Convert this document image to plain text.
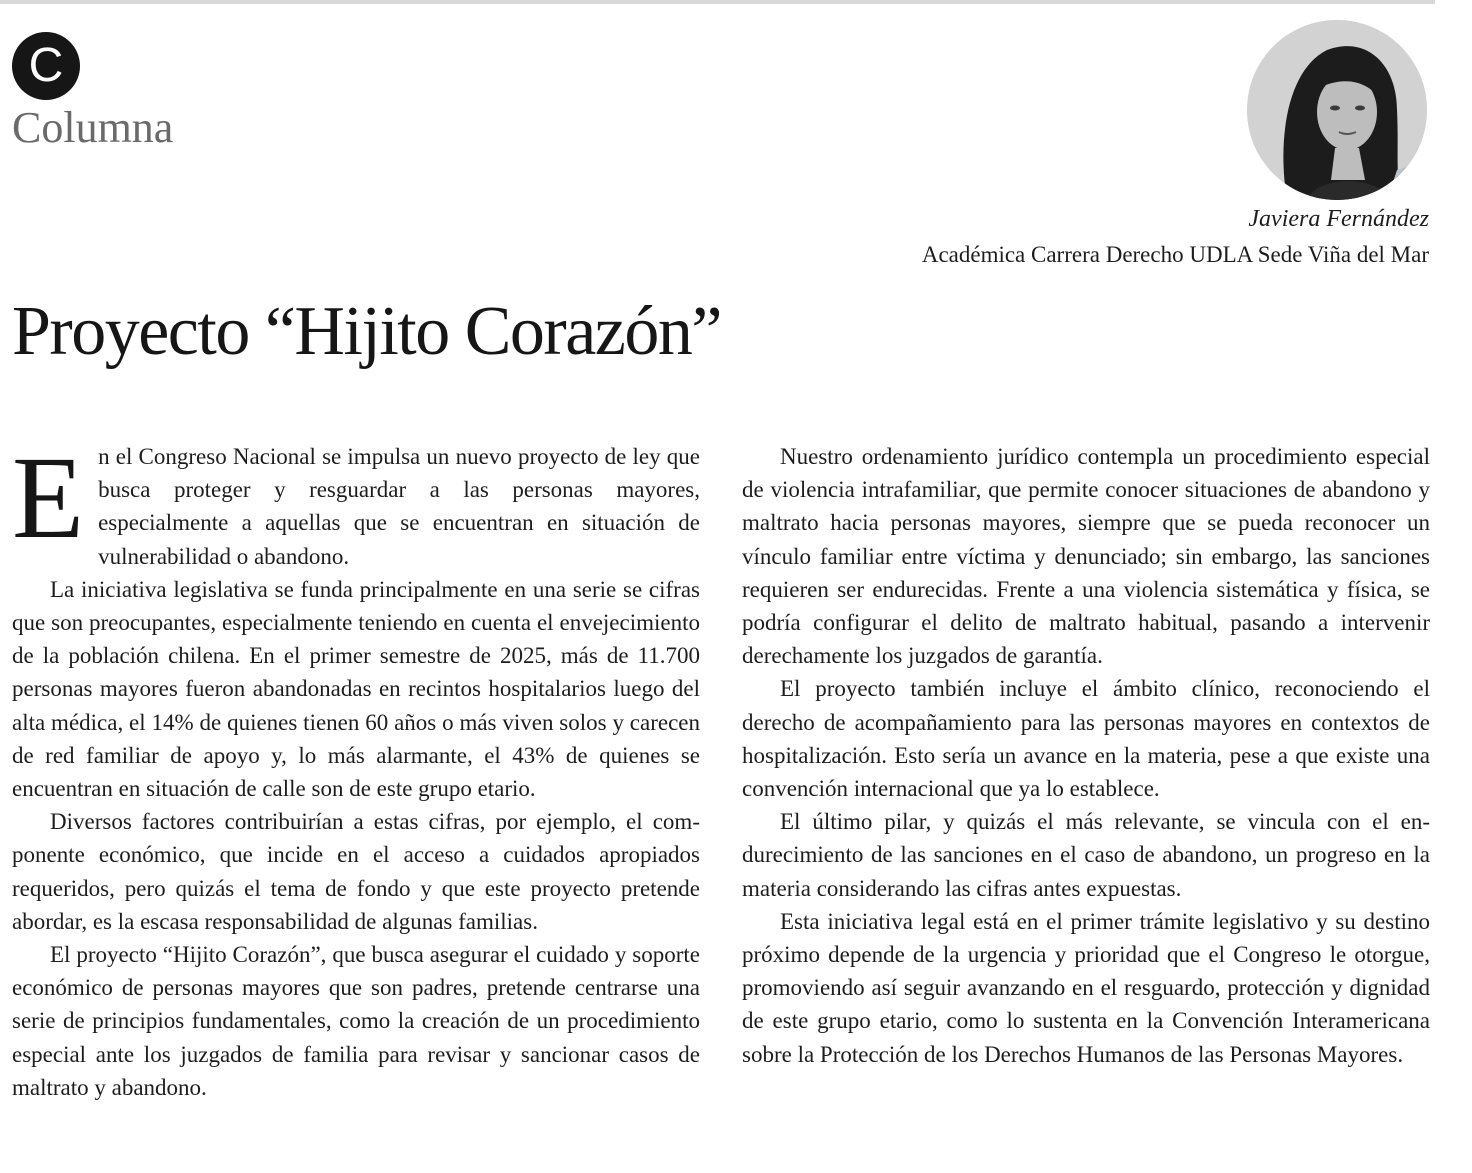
C
Columna
Javiera Fernández
Académica Carrera Derecho UDLA Sede Viña del Mar
Proyecto “Hijito Corazón”

En el Congreso Nacional se impulsa un nuevo proyecto de ley que busca proteger y resguardar a las personas mayores, especialmente a aquellas que se encuentran en situación de vulnerabilidad o abandono.

La iniciativa legislativa se funda principalmente en una serie se cifras que son preocupantes, especialmente teniendo en cuenta el envejecimiento de la población chilena. En el primer semestre de 2025, más de 11.700 personas mayores fueron abandonadas en recintos hospitalarios luego del alta médica, el 14% de quienes tienen 60 años o más viven solos y carecen de red familiar de apoyo y, lo más alarmante, el 43% de quienes se encuentran en situación de calle son de este grupo etario.

Diversos factores contribuirían a estas cifras, por ejemplo, el componente económico, que incide en el acceso a cuidados apropiados requeridos, pero quizás el tema de fondo y que este proyecto pretende abordar, es la escasa responsabilidad de algunas familias.

El proyecto “Hijito Corazón”, que busca asegurar el cuidado y soporte económico de personas mayores que son padres, pretende centrarse una serie de principios fundamentales, como la creación de un procedimiento especial ante los juzgados de familia para revisar y sancionar casos de maltrato y abandono.

Nuestro ordenamiento jurídico contempla un procedimiento especial de violencia intrafamiliar, que permite conocer situaciones de abandono y maltrato hacia personas mayores, siempre que se pueda reconocer un vínculo familiar entre víctima y denunciado; sin embargo, las sanciones requieren ser endurecidas. Frente a una violencia sistemática y física, se podría configurar el delito de maltrato habitual, pasando a intervenir derechamente los juzgados de garantía.

El proyecto también incluye el ámbito clínico, reconociendo el derecho de acompañamiento para las personas mayores en contextos de hospitalización. Esto sería un avance en la materia, pese a que existe una convención internacional que ya lo establece.

El último pilar, y quizás el más relevante, se vincula con el endurecimiento de las sanciones en el caso de abandono, un progreso en la materia considerando las cifras antes expuestas.

Esta iniciativa legal está en el primer trámite legislativo y su destino próximo depende de la urgencia y prioridad que el Congreso le otorgue, promoviendo así seguir avanzando en el resguardo, protección y dignidad de este grupo etario, como lo sustenta en la Convención Interamericana sobre la Protección de los Derechos Humanos de las Personas Mayores.
